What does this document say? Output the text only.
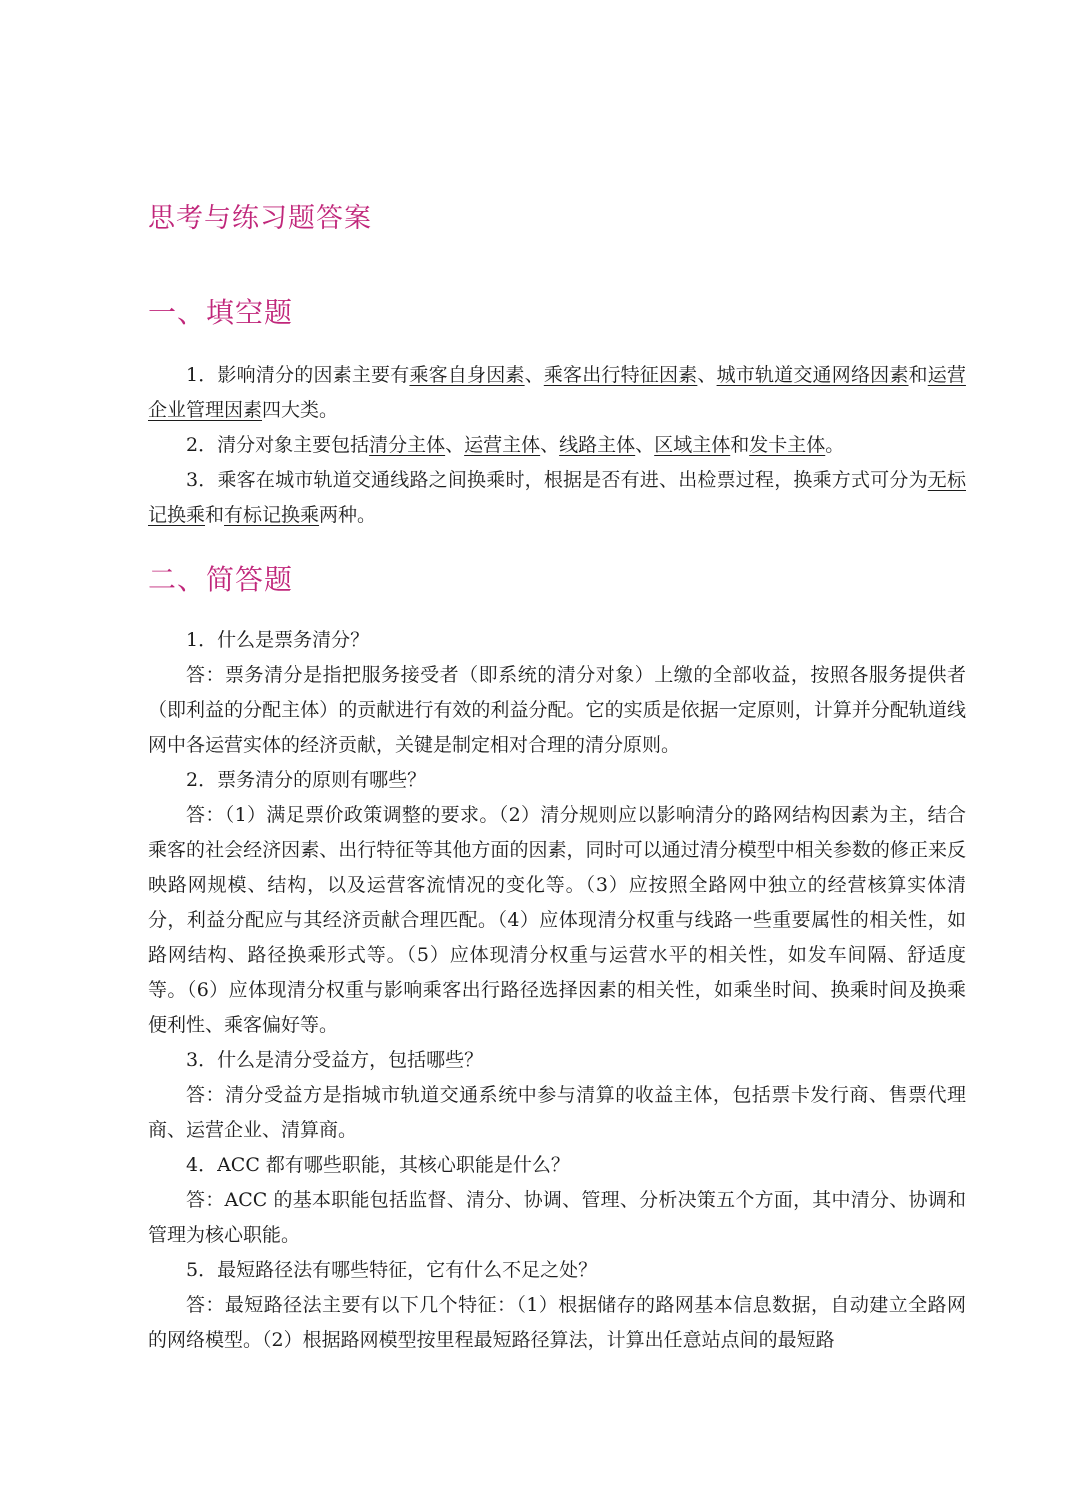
思考与练习题答案
一、填空题

1．影响清分的因素主要有乘客自身因素、乘客出行特征因素、城市轨道交通网络因素和运营企业管理因素四大类。

2．清分对象主要包括清分主体、运营主体、线路主体、区域主体和发卡主体。

3．乘客在城市轨道交通线路之间换乘时，根据是否有进、出检票过程，换乘方式可分为无标记换乘和有标记换乘两种。

二、简答题

1．什么是票务清分？

答：票务清分是指把服务接受者（即系统的清分对象）上缴的全部收益，按照各服务提供者（即利益的分配主体）的贡献进行有效的利益分配。它的实质是依据一定原则，计算并分配轨道线网中各运营实体的经济贡献，关键是制定相对合理的清分原则。

2．票务清分的原则有哪些？

答：（1）满足票价政策调整的要求。（2）清分规则应以影响清分的路网结构因素为主，结合乘客的社会经济因素、出行特征等其他方面的因素，同时可以通过清分模型中相关参数的修正来反映路网规模、结构，以及运营客流情况的变化等。（3）应按照全路网中独立的经营核算实体清分，利益分配应与其经济贡献合理匹配。（4）应体现清分权重与线路一些重要属性的相关性，如路网结构、路径换乘形式等。（5）应体现清分权重与运营水平的相关性，如发车间隔、舒适度等。（6）应体现清分权重与影响乘客出行路径选择因素的相关性，如乘坐时间、换乘时间及换乘便利性、乘客偏好等。

3．什么是清分受益方，包括哪些？

答：清分受益方是指城市轨道交通系统中参与清算的收益主体，包括票卡发行商、售票代理商、运营企业、清算商。

4．ACC 都有哪些职能，其核心职能是什么？

答：ACC 的基本职能包括监督、清分、协调、管理、分析决策五个方面，其中清分、协调和管理为核心职能。

5．最短路径法有哪些特征，它有什么不足之处？

答：最短路径法主要有以下几个特征：（1）根据储存的路网基本信息数据，自动建立全路网的网络模型。（2）根据路网模型按里程最短路径算法，计算出任意站点间的最短路
